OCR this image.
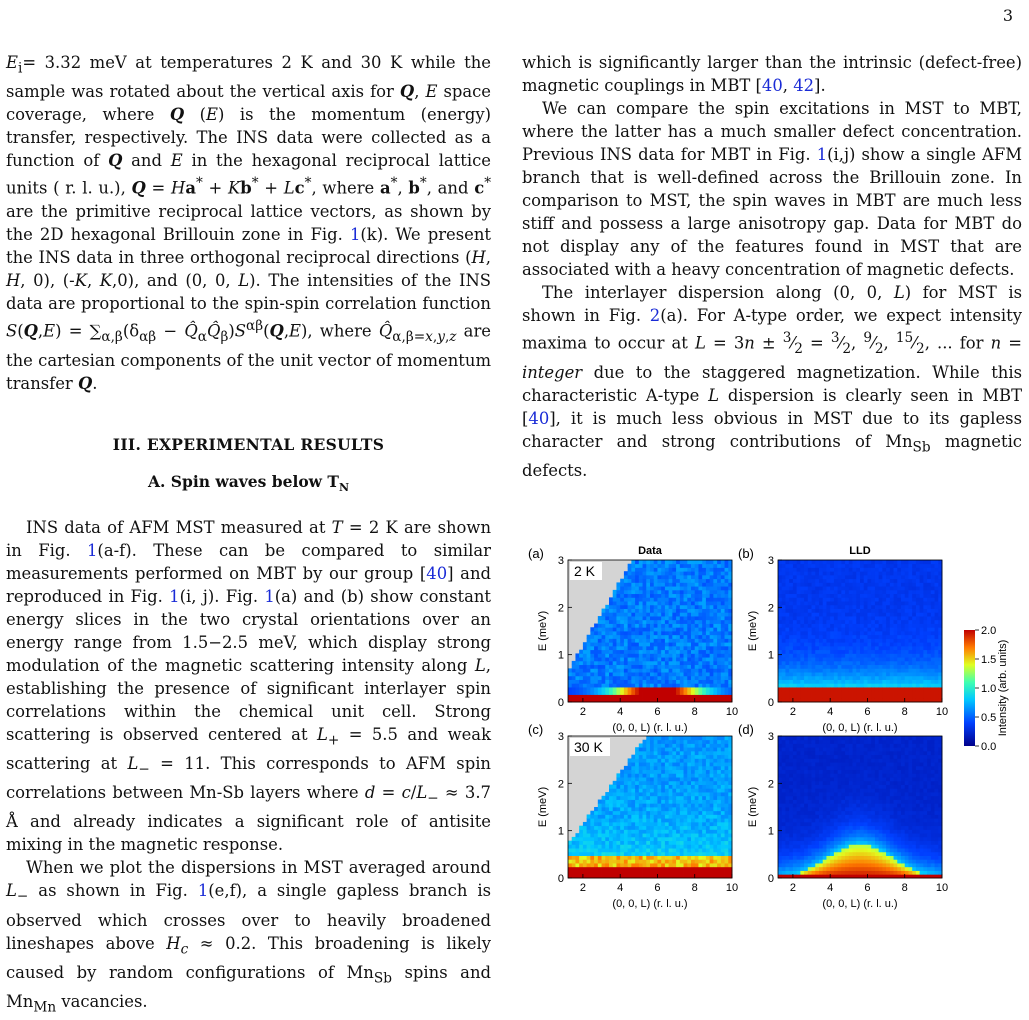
3

$E_i= 3.32$ meV at temperatures 2 K and 30 K while the sample was rotated about the vertical axis for Q, E space coverage, where Q (E) is the momentum (energy) transfer, respectively. The INS data were collected as a function of Q and E in the hexagonal reciprocal lattice units ( r. l. u.), Q = Ha* + Kb* + Lc*, where a*, b*, and c* are the primitive reciprocal lattice vectors, as shown by the 2D hexagonal Brillouin zone in Fig. 1(k). We present the INS data in three orthogonal reciprocal directions (H, H, 0), (-K, K,0), and (0, 0, L). The intensities of the INS data are proportional to the spin-spin correlation function $S(Q,E) = \sum_{\alpha,\beta}(\delta_{\alpha\beta}$ − $Q̂_\alpha Q̂_\beta)S^{\alpha\beta}(Q,E)$, where $Q̂_{\alpha,\beta=x,y,z}$ are the cartesian components of the unit vector of momentum transfer Q.

III. EXPERIMENTAL RESULTS

A. Spin waves below $T_N$

INS data of AFM MST measured at T = 2 K are shown in Fig. 1(a-f). These can be compared to similar measurements performed on MBT by our group [40] and reproduced in Fig. 1(i, j). Fig. 1(a) and (b) show constant energy slices in the two crystal orientations over an energy range from 1.5−2.5 meV, which display strong modulation of the magnetic scattering intensity along L, establishing the presence of significant interlayer spin correlations within the chemical unit cell. Strong scattering is observed centered at $L_+ = 5.5$ and weak scattering at $L_- = 11$. This corresponds to AFM spin correlations between Mn-Sb layers where $d = c/L_- \approx 3.7$ Å and already indicates a significant role of antisite mixing in the magnetic response.

When we plot the dispersions in MST averaged around $L_-$ as shown in Fig. 1(e,f), a single gapless branch is observed which crosses over to heavily broadened lineshapes above $H_c \approx 0.2$. This broadening is likely caused by random configurations of $Mn_{Sb}$ spins and $Mn_{Mn}$ vacancies.

which is significantly larger than the intrinsic (defect-free) magnetic couplings in MBT [40, 42].

We can compare the spin excitations in MST to MBT, where the latter has a much smaller defect concentration. Previous INS data for MBT in Fig. 1(i,j) show a single AFM branch that is well-defined across the Brillouin zone. In comparison to MST, the spin waves in MBT are much less stiff and possess a large anisotropy gap. Data for MBT do not display any of the features found in MST that are associated with a heavy concentration of magnetic defects.

The interlayer dispersion along (0, 0, L) for MST is shown in Fig. 2(a). For A-type order, we expect intensity maxima to occur at $L = 3n \pm ^3⁄_2$ = $^3⁄_2$, $^9⁄_2$, $^{15}⁄_2$, ... for n = integer due to the staggered magnetization. While this characteristic A-type L dispersion is clearly seen in MBT [40], it is much less obvious in MST due to its gapless character and strong contributions of $Mn_{Sb}$ magnetic defects.

2	4	6	8	10
0
1
2
3
(0, 0, L) (r. l. u.)
E (meV)
(a)	Data
2 K
2	4	6	8	10
0
1
2
3
(0, 0, L) (r. l. u.)
E (meV)
(b)	LLD
2	4	6	8	10
0
1
2
3
(0, 0, L) (r. l. u.)
E (meV)
(c)
30 K
2	4	6	8	10
0
1
2
3
(0, 0, L) (r. l. u.)
E (meV)
(d)
2.0
1.5
1.0
0.5
0.0
Intensity (arb. units)
